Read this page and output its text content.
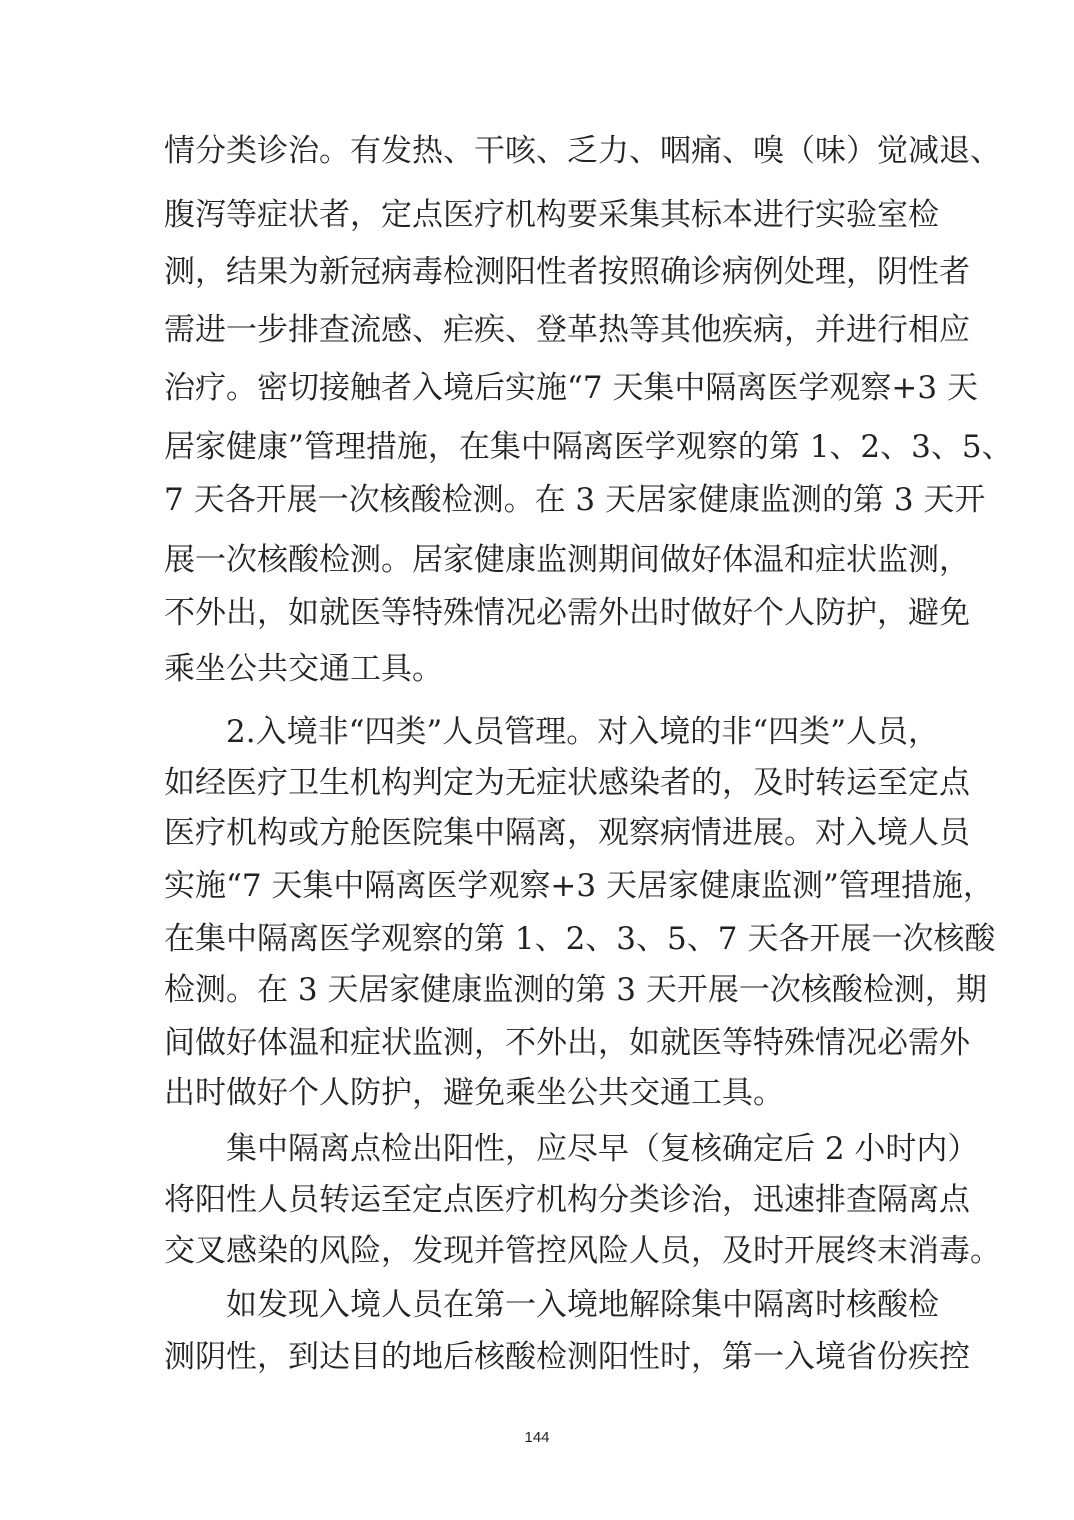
情分类诊治。有发热、干咳、乏力、咽痛、嗅（味）觉减退、
腹泻等症状者，定点医疗机构要采集其标本进行实验室检
测，结果为新冠病毒检测阳性者按照确诊病例处理，阴性者
需进一步排查流感、疟疾、登革热等其他疾病，并进行相应
治疗。密切接触者入境后实施“7 天集中隔离医学观察+3 天
居家健康”管理措施，在集中隔离医学观察的第 1、2、3、5、
7 天各开展一次核酸检测。在 3 天居家健康监测的第 3 天开
展一次核酸检测。居家健康监测期间做好体温和症状监测，
不外出，如就医等特殊情况必需外出时做好个人防护，避免
乘坐公共交通工具。
2.入境非“四类”人员管理。对入境的非“四类”人员，
如经医疗卫生机构判定为无症状感染者的，及时转运至定点
医疗机构或方舱医院集中隔离，观察病情进展。对入境人员
实施“7 天集中隔离医学观察+3 天居家健康监测”管理措施，
在集中隔离医学观察的第 1、2、3、5、7 天各开展一次核酸
检测。在 3 天居家健康监测的第 3 天开展一次核酸检测，期
间做好体温和症状监测，不外出，如就医等特殊情况必需外
出时做好个人防护，避免乘坐公共交通工具。
集中隔离点检出阳性，应尽早（复核确定后 2 小时内）
将阳性人员转运至定点医疗机构分类诊治，迅速排查隔离点
交叉感染的风险，发现并管控风险人员，及时开展终末消毒。
如发现入境人员在第一入境地解除集中隔离时核酸检
测阴性，到达目的地后核酸检测阳性时，第一入境省份疾控
144
